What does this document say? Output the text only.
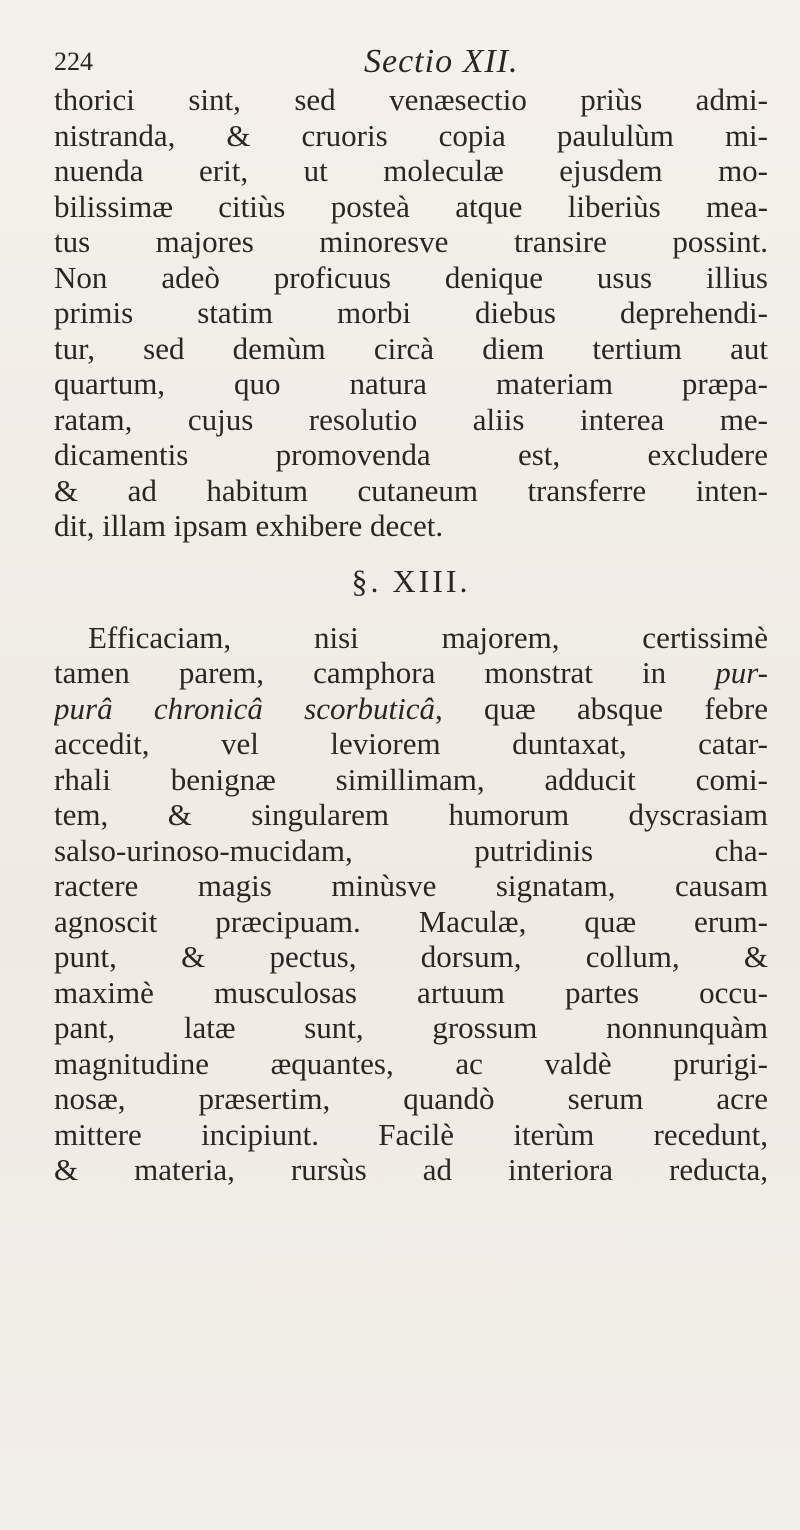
224	Sectio XII.
thorici sint, sed venæsectio priùs admi-
nistranda, & cruoris copia paululùm mi-
nuenda erit, ut moleculæ ejusdem mo-
bilissimæ citiùs posteà atque liberiùs mea-
tus majores minoresve transire possint.
Non adeò proficuus denique usus illius
primis statim morbi diebus deprehendi-
tur, sed demùm circà diem tertium aut
quartum, quo natura materiam præpa-
ratam, cujus resolutio aliis interea me-
dicamentis promovenda est, excludere
& ad habitum cutaneum transferre inten-
dit, illam ipsam exhibere decet.
§. XIII.
Efficaciam, nisi majorem, certissimè
tamen parem, camphora monstrat in pur-
purâ chronicâ scorbuticâ, quæ absque febre
accedit, vel leviorem duntaxat, catar-
rhali benignæ simillimam, adducit comi-
tem, & singularem humorum dyscrasiam
salso-urinoso-mucidam, putridinis cha-
ractere magis minùsve signatam, causam
agnoscit præcipuam. Maculæ, quæ erum-
punt, & pectus, dorsum, collum, &
maximè musculosas artuum partes occu-
pant, latæ sunt, grossum nonnunquàm
magnitudine æquantes, ac valdè prurigi-
nosæ, præsertim, quandò serum acre
mittere incipiunt. Facilè iterùm recedunt,
& materia, rursùs ad interiora reducta,
